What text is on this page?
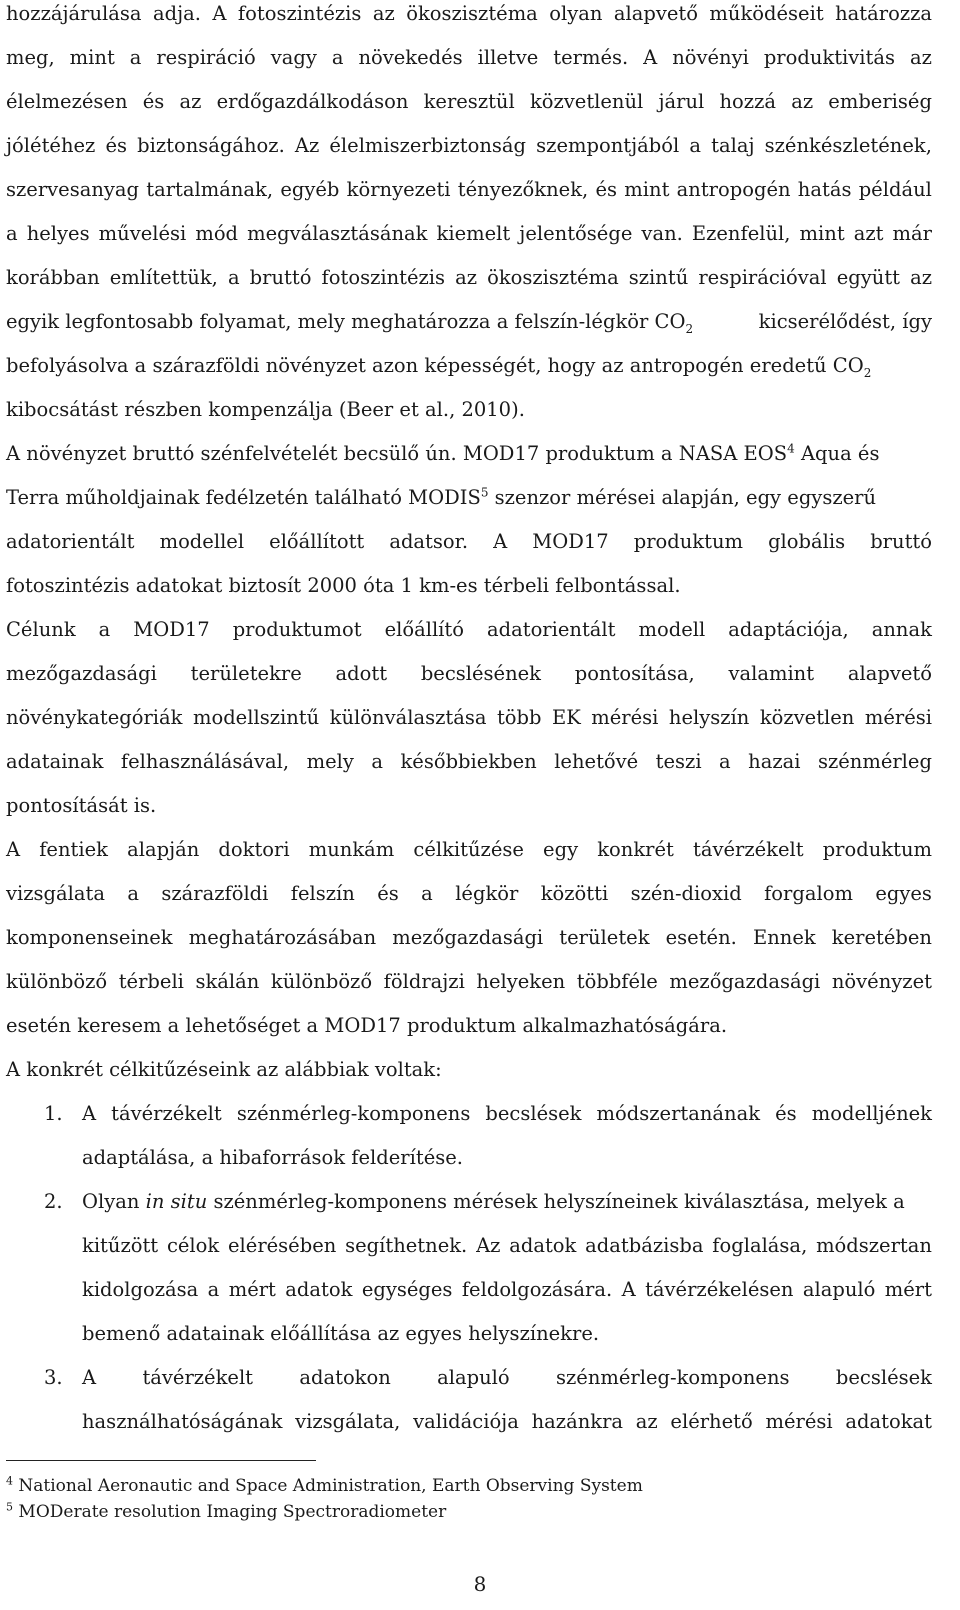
hozzájárulása adja. A fotoszintézis az ökoszisztéma olyan alapvető működéseit határozza
meg, mint a respiráció vagy a növekedés illetve termés. A növényi produktivitás az
élelmezésen és az erdőgazdálkodáson keresztül közvetlenül járul hozzá az emberiség
jólétéhez és biztonságához. Az élelmiszerbiztonság szempontjából a talaj szénkészletének,
szervesanyag tartalmának, egyéb környezeti tényezőknek, és mint antropogén hatás például
a helyes művelési mód megválasztásának kiemelt jelentősége van. Ezenfelül, mint azt már
korábban említettük, a bruttó fotoszintézis az ökoszisztéma szintű respirációval együtt az
egyik legfontosabb folyamat, mely meghatározza a felszín-légkör $CO_2$	kicserélődést, így
befolyásolva a szárazföldi növényzet azon képességét, hogy az antropogén eredetű $CO_2$
kibocsátást részben kompenzálja (Beer et al., 2010).
A növényzet bruttó szénfelvételét becsülő ún. MOD17 produktum a NASA EOS$^4$ Aqua és
Terra műholdjainak fedélzetén található MODIS$^5$ szenzor mérései alapján, egy egyszerű
adatorientált modellel előállított adatsor. A MOD17 produktum globális bruttó
fotoszintézis adatokat biztosít 2000 óta 1 km-es térbeli felbontással.
Célunk a MOD17 produktumot előállító adatorientált modell adaptációja, annak
mezőgazdasági területekre adott becslésének pontosítása, valamint alapvető
növénykategóriák modellszintű különválasztása több EK mérési helyszín közvetlen mérési
adatainak felhasználásával, mely a későbbiekben lehetővé teszi a hazai szénmérleg
pontosítását is.
A fentiek alapján doktori munkám célkitűzése egy konkrét távérzékelt produktum
vizsgálata a szárazföldi felszín és a légkör közötti szén-dioxid forgalom egyes
komponenseinek meghatározásában mezőgazdasági területek esetén. Ennek keretében
különböző térbeli skálán különböző földrajzi helyeken többféle mezőgazdasági növényzet
esetén keresem a lehetőséget a MOD17 produktum alkalmazhatóságára.
A konkrét célkitűzéseink az alábbiak voltak:
1. A távérzékelt szénmérleg-komponens becslések módszertanának és modelljének
adaptálása, a hibaforrások felderítése.
2. Olyan in situ szénmérleg-komponens mérések helyszíneinek kiválasztása, melyek a
kitűzött célok elérésében segíthetnek. Az adatok adatbázisba foglalása, módszertan
kidolgozása a mért adatok egységes feldolgozására. A távérzékelésen alapuló mért
bemenő adatainak előállítása az egyes helyszínekre.
3. A távérzékelt adatokon alapuló szénmérleg-komponens becslések
használhatóságának vizsgálata, validációja hazánkra az elérhető mérési adatokat
$^4$ National Aeronautic and Space Administration, Earth Observing System
$^5$ MODerate resolution Imaging Spectroradiometer
8
